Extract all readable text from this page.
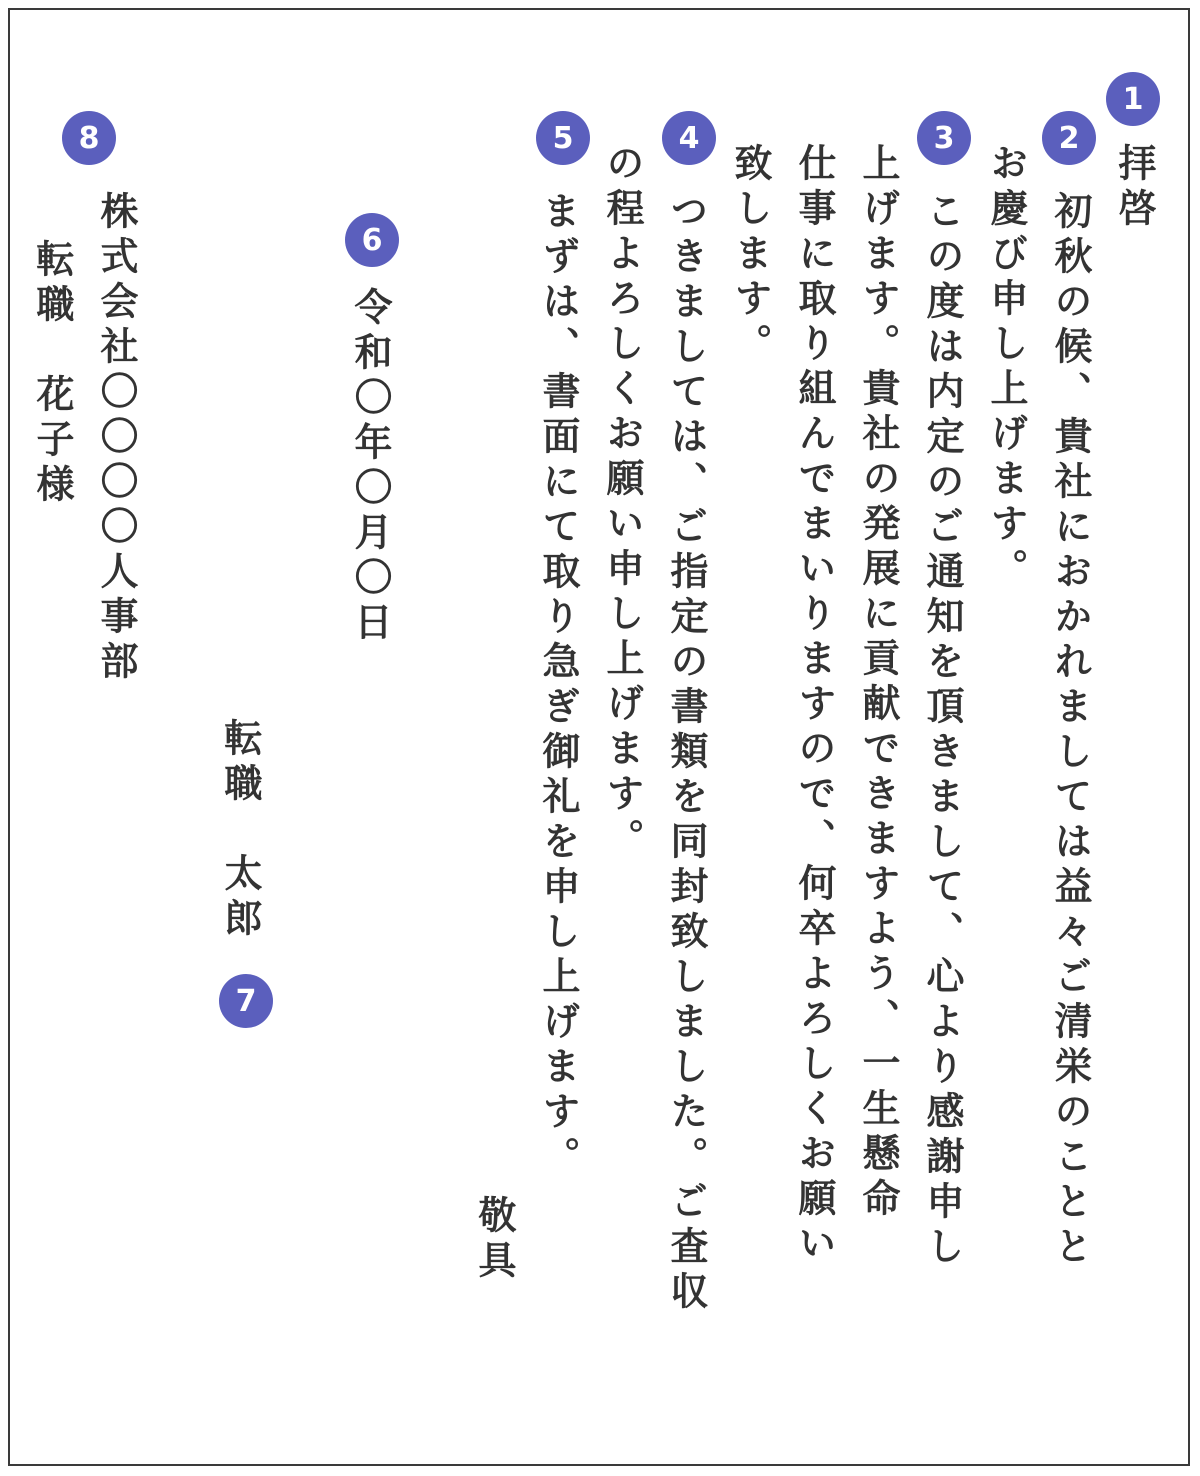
拝啓
初秋の候、貴社におかれましては益々ご清栄のことと
お慶び申し上げます。
この度は内定のご通知を頂きまして、心より感謝申し
上げます。貴社の発展に貢献できますよう、一生懸命
仕事に取り組んでまいりますので、何卒よろしくお願い
致します。
つきましては、ご指定の書類を同封致しました。ご査収
の程よろしくお願い申し上げます。
まずは、書面にて取り急ぎ御礼を申し上げます。
敬具
令和〇年〇月〇日
転職　太郎
株式会社〇〇〇〇人事部
転職　花子様
1
2
3
4
5
6
7
8
